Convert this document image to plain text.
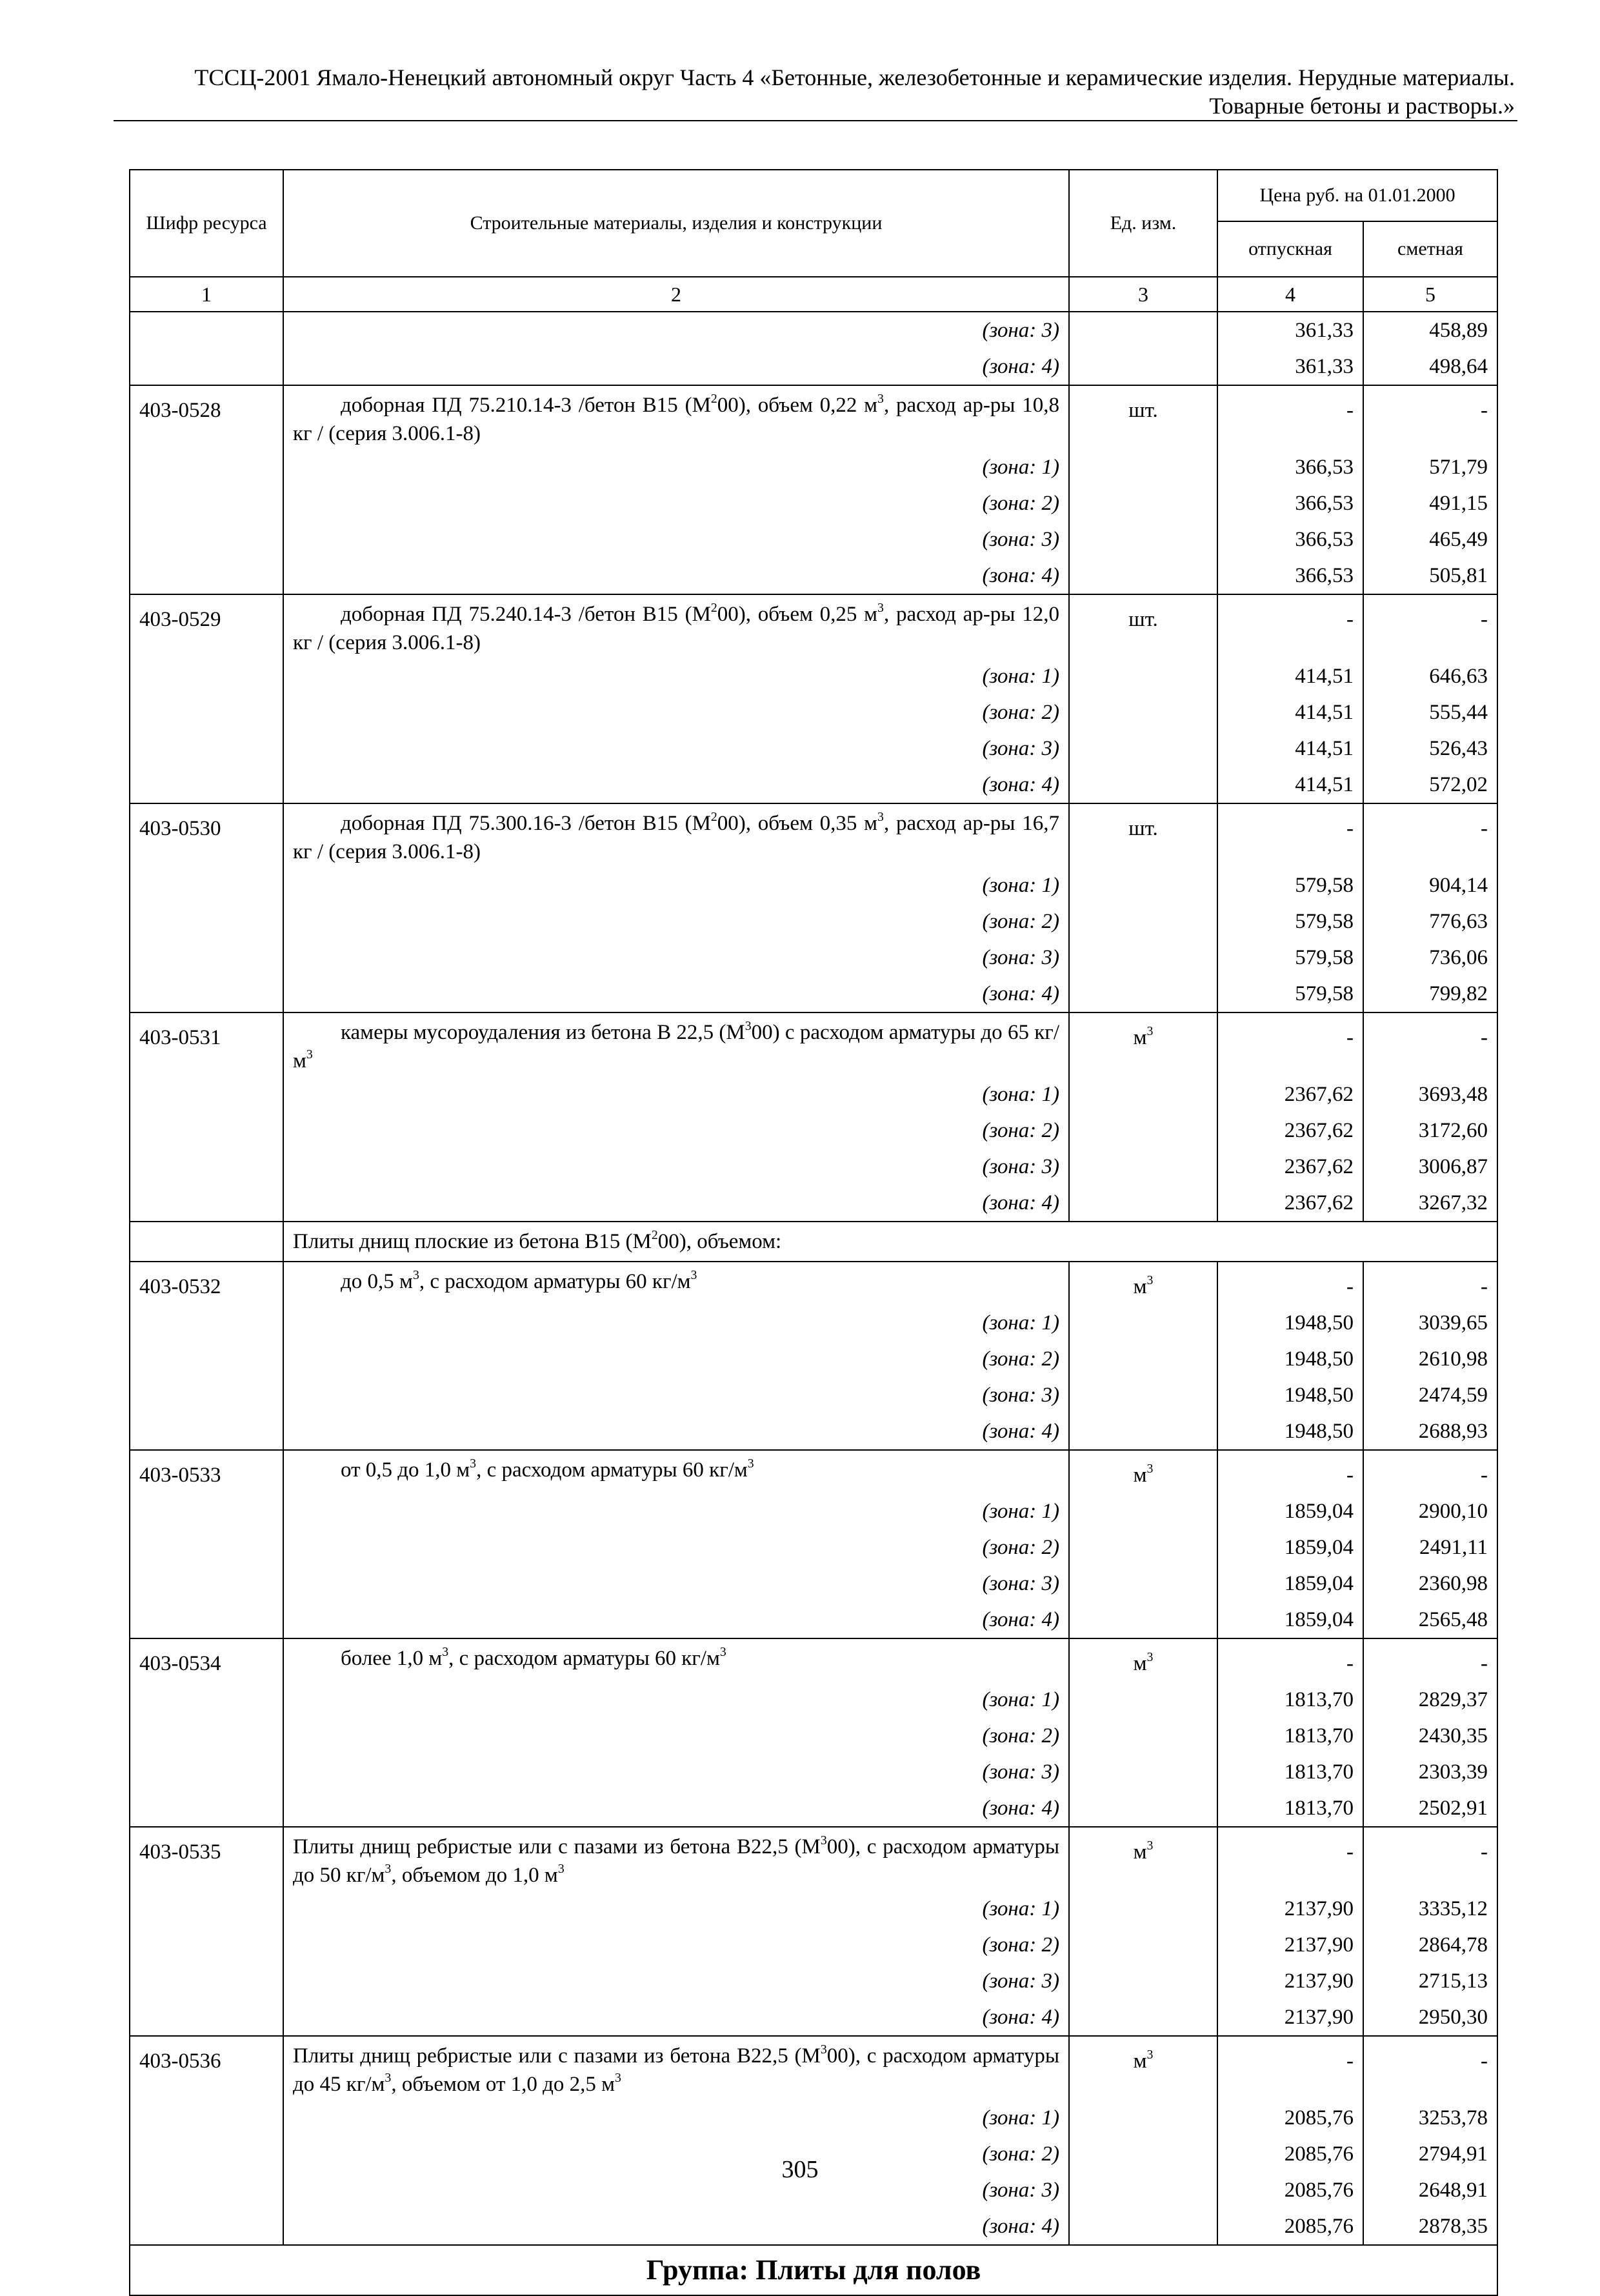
ТССЦ-2001 Ямало-Ненецкий автономный округ Часть 4 «Бетонные, железобетонные и керамические изделия. Нерудные материалы.
Товарные бетоны и растворы.»
Шифр ресурса	Строительные материалы, изделия и конструкции	Ед. изм.	Цена руб. на 01.01.2000	
			отпускная	сметная
1	2	3	4	5
	(зона: 3)		361,33	458,89
	(зона: 4)		361,33	498,64
403-0528	доборная ПД 75.210.14-3 /бетон В15 $(М^200)$, объем 0,22 $м^3$, расход ар-ры 10,8 кг / (серия 3.006.1-8)	шт.	-	-
	(зона: 1)		366,53	571,79
	(зона: 2)		366,53	491,15
	(зона: 3)		366,53	465,49
	(зона: 4)		366,53	505,81
403-0529	доборная ПД 75.240.14-3 /бетон В15 $(М^200)$, объем 0,25 $м^3$, расход ар-ры 12,0 кг / (серия 3.006.1-8)	шт.	-	-
	(зона: 1)		414,51	646,63
	(зона: 2)		414,51	555,44
	(зона: 3)		414,51	526,43
	(зона: 4)		414,51	572,02
403-0530	доборная ПД 75.300.16-3 /бетон В15 $(М^200)$, объем 0,35 $м^3$, расход ар-ры 16,7 кг / (серия 3.006.1-8)	шт.	-	-
	(зона: 1)		579,58	904,14
	(зона: 2)		579,58	776,63
	(зона: 3)		579,58	736,06
	(зона: 4)		579,58	799,82
403-0531	камеры мусороудаления из бетона В 22,5 $(М^300)$ с расходом арматуры до 65 $кг/м^3$	$м^3$	-	-
	(зона: 1)		2367,62	3693,48
	(зона: 2)		2367,62	3172,60
	(зона: 3)		2367,62	3006,87
	(зона: 4)		2367,62	3267,32
	Плиты днищ плоские из бетона В15 $(М^200)$, объемом:			
403-0532	до 0,5 $м^3$, с расходом арматуры 60 $кг/м^3$	$м^3$	-	-
	(зона: 1)		1948,50	3039,65
	(зона: 2)		1948,50	2610,98
	(зона: 3)		1948,50	2474,59
	(зона: 4)		1948,50	2688,93
403-0533	от 0,5 до 1,0 $м^3$, с расходом арматуры 60 $кг/м^3$	$м^3$	-	-
	(зона: 1)		1859,04	2900,10
	(зона: 2)		1859,04	2491,11
	(зона: 3)		1859,04	2360,98
	(зона: 4)		1859,04	2565,48
403-0534	более 1,0 $м^3$, с расходом арматуры 60 $кг/м^3$	$м^3$	-	-
	(зона: 1)		1813,70	2829,37
	(зона: 2)		1813,70	2430,35
	(зона: 3)		1813,70	2303,39
	(зона: 4)		1813,70	2502,91
403-0535	Плиты днищ ребристые или с пазами из бетона В22,5 $(М^300)$, с расходом арматуры до 50 $кг/м^3$, объемом до 1,0 $м^3$	$м^3$	-	-
	(зона: 1)		2137,90	3335,12
	(зона: 2)		2137,90	2864,78
	(зона: 3)		2137,90	2715,13
	(зона: 4)		2137,90	2950,30
403-0536	Плиты днищ ребристые или с пазами из бетона В22,5 $(М^300)$, с расходом арматуры до 45 $кг/м^3$, объемом от 1,0 до 2,5 $м^3$	$м^3$	-	-
	(зона: 1)		2085,76	3253,78
	(зона: 2)		2085,76	2794,91
	(зона: 3)		2085,76	2648,91
	(зона: 4)		2085,76	2878,35
Группа: Плиты для полов				
305
